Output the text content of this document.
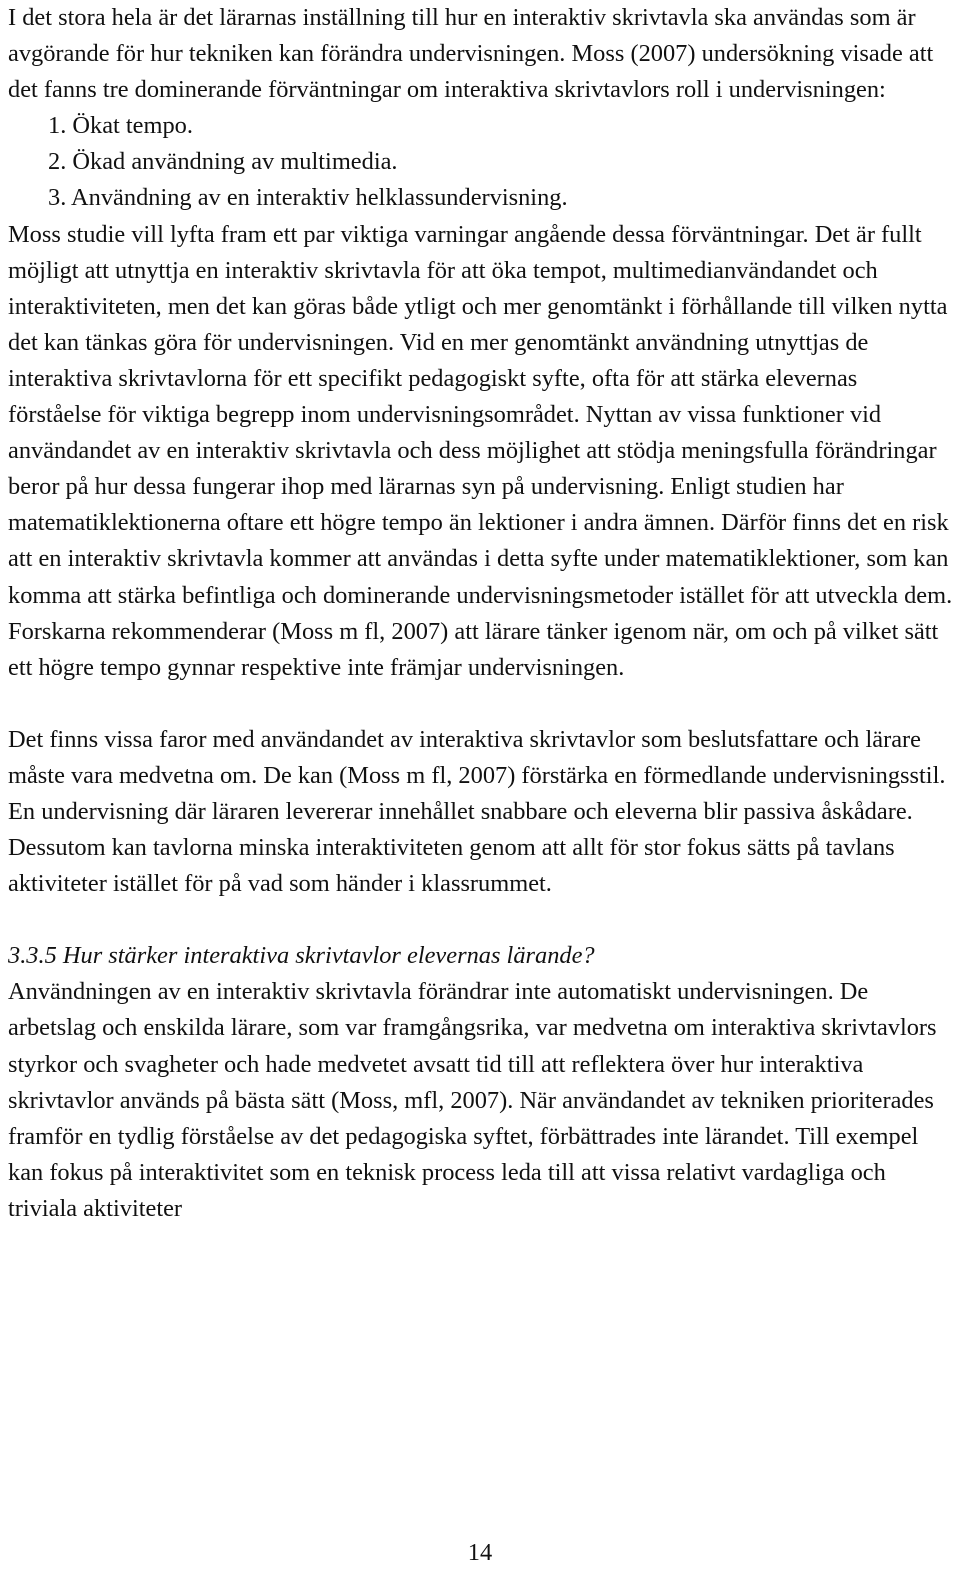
I det stora hela är det lärarnas inställning till hur en interaktiv skrivtavla ska användas som är avgörande för hur tekniken kan förändra undervisningen. Moss (2007) undersökning visade att det fanns tre dominerande förväntningar om interaktiva skrivtavlors roll i undervisningen:

1. Ökat tempo.
2. Ökad användning av multimedia.
3. Användning av en interaktiv helklassundervisning.

Moss studie vill lyfta fram ett par viktiga varningar angående dessa förväntningar. Det är fullt möjligt att utnyttja en interaktiv skrivtavla för att öka tempot, multimedianvändandet och interaktiviteten, men det kan göras både ytligt och mer genomtänkt i förhållande till vilken nytta det kan tänkas göra för undervisningen. Vid en mer genomtänkt användning utnyttjas de interaktiva skrivtavlorna för ett specifikt pedagogiskt syfte, ofta för att stärka elevernas förståelse för viktiga begrepp inom undervisningsområdet. Nyttan av vissa funktioner vid användandet av en interaktiv skrivtavla och dess möjlighet att stödja meningsfulla förändringar beror på hur dessa fungerar ihop med lärarnas syn på undervisning. Enligt studien har matematiklektionerna oftare ett högre tempo än lektioner i andra ämnen. Därför finns det en risk att en interaktiv skrivtavla kommer att användas i detta syfte under matematiklektioner, som kan komma att stärka befintliga och dominerande undervisningsmetoder istället för att utveckla dem. Forskarna rekommenderar (Moss m fl, 2007) att lärare tänker igenom när, om och på vilket sätt ett högre tempo gynnar respektive inte främjar undervisningen.

Det finns vissa faror med användandet av interaktiva skrivtavlor som beslutsfattare och lärare måste vara medvetna om. De kan (Moss m fl, 2007) förstärka en förmedlande undervisningsstil. En undervisning där läraren levererar innehållet snabbare och eleverna blir passiva åskådare. Dessutom kan tavlorna minska interaktiviteten genom att allt för stor fokus sätts på tavlans aktiviteter istället för på vad som händer i klassrummet.

3.3.5 Hur stärker interaktiva skrivtavlor elevernas lärande?

Användningen av en interaktiv skrivtavla förändrar inte automatiskt undervisningen. De arbetslag och enskilda lärare, som var framgångsrika, var medvetna om interaktiva skrivtavlors styrkor och svagheter och hade medvetet avsatt tid till att reflektera över hur interaktiva skrivtavlor används på bästa sätt (Moss, mfl, 2007). När användandet av tekniken prioriterades framför en tydlig förståelse av det pedagogiska syftet, förbättrades inte lärandet. Till exempel kan fokus på interaktivitet som en teknisk process leda till att vissa relativt vardagliga och triviala aktiviteter

14
